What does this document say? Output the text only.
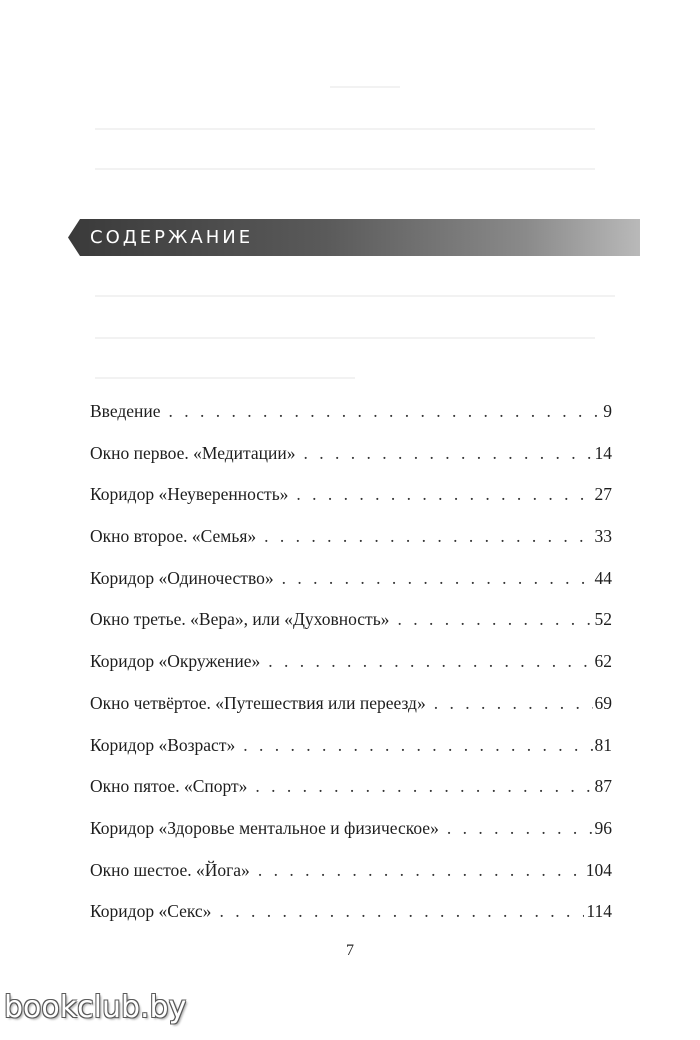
СОДЕРЖАНИЕ
Введение . . .	9
Окно первое. «Медитации» . . .	14
Коридор «Неуверенность» . . .	27
Окно второе. «Семья» . . .	33
Коридор «Одиночество» . . .	44
Окно третье. «Вера», или «Духовность» . . .	52
Коридор «Окружение» . . .	62
Окно четвёртое. «Путешествия или переезд» . . .	69
Коридор «Возраст» . . .	81
Окно пятое. «Спорт» . . .	87
Коридор «Здоровье ментальное и физическое» . . .	96
Окно шестое. «Йога» . . .	104
Коридор «Секс» . . .	114
7
bookclub.by
